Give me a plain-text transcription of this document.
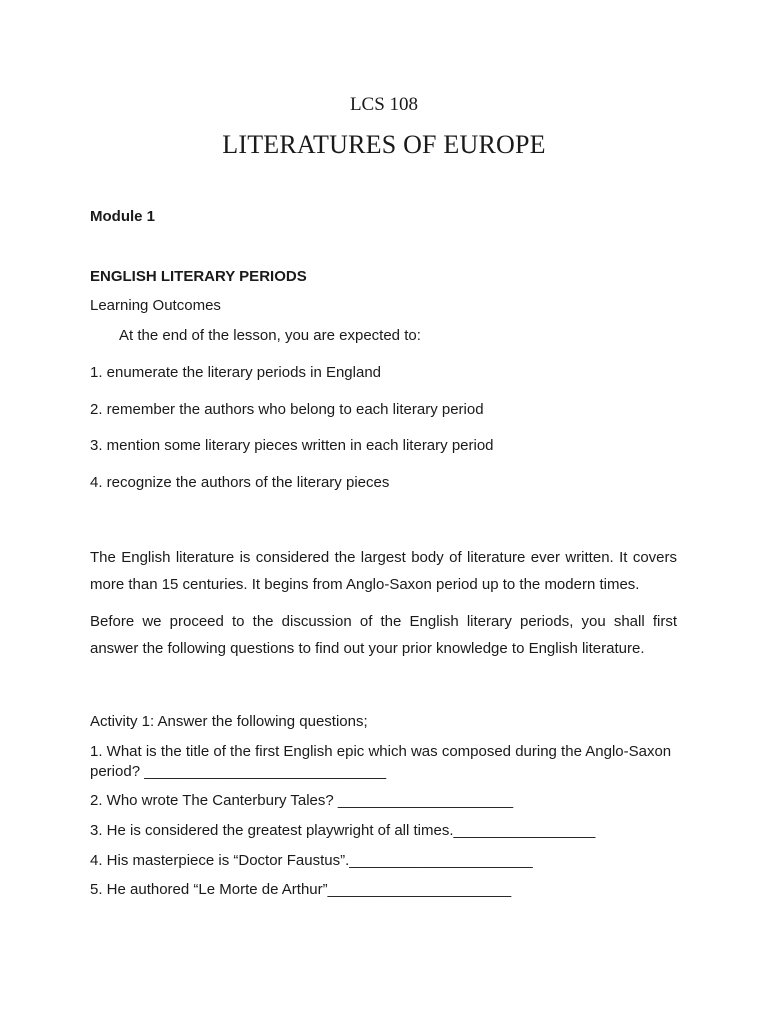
LCS 108

LITERATURES OF EUROPE

Module 1

ENGLISH LITERARY PERIODS

Learning Outcomes

At the end of the lesson, you are expected to:

1. enumerate the literary periods in England

2. remember the authors who belong to each literary period

3. mention some literary pieces written in each literary period

4. recognize the authors of the literary pieces

The English literature is considered the largest body of literature ever written. It covers more than 15 centuries. It begins from Anglo-Saxon period up to the modern times.

Before we proceed to the discussion of the English literary periods, you shall first answer the following questions to find out your prior knowledge to English literature.

Activity 1: Answer the following questions;

1. What is the title of the first English epic which was composed during the Anglo-Saxon period? _____________________________

2. Who wrote The Canterbury Tales? _____________________

3. He is considered the greatest playwright of all times._________________

4. His masterpiece is “Doctor Faustus”.______________________

5. He authored “Le Morte de Arthur”______________________
